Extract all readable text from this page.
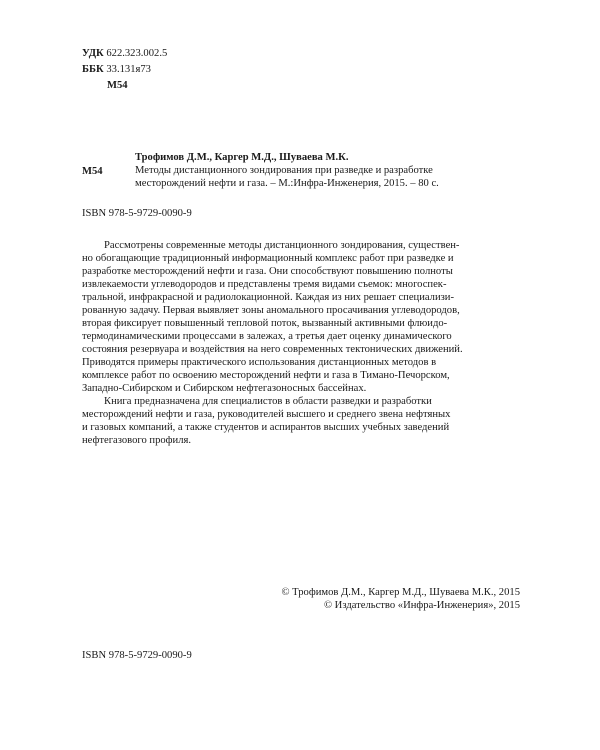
УДК 622.323.002.5
ББК 33.131я73
М54
М54
Трофимов Д.М., Каргер М.Д., Шуваева М.К.
Методы дистанционного зондирования при разведке и разработке
месторождений нефти и газа. – М.:Инфра-Инженерия, 2015. – 80 с.
ISBN 978-5-9729-0090-9
Рассмотрены современные методы дистанционного зондирования, существен-
но обогащающие традиционный информационный комплекс работ при разведке и
разработке месторождений нефти и газа. Они способствуют повышению полноты
извлекаемости углеводородов и представлены тремя видами съемок: многоспек-
тральной, инфракрасной и радиолокационной. Каждая из них решает специализи-
рованную задачу. Первая выявляет зоны аномального просачивания углеводородов,
вторая фиксирует повышенный тепловой поток, вызванный активными флюидо-
термодинамическими процессами в залежах, а третья дает оценку динамического
состояния резервуара и воздействия на него современных тектонических движений.
Приводятся примеры практического использования дистанционных методов в
комплексе работ по освоению месторождений нефти и газа в Тимано-Печорском,
Западно-Сибирском и Сибирском нефтегазоносных бассейнах.
Книга предназначена для специалистов в области разведки и разработки
месторождений нефти и газа, руководителей высшего и среднего звена нефтяных
и газовых компаний, а также студентов и аспирантов высших учебных заведений
нефтегазового профиля.
© Трофимов Д.М., Каргер М.Д., Шуваева М.К., 2015
© Издательство «Инфра-Инженерия», 2015
ISBN 978-5-9729-0090-9
